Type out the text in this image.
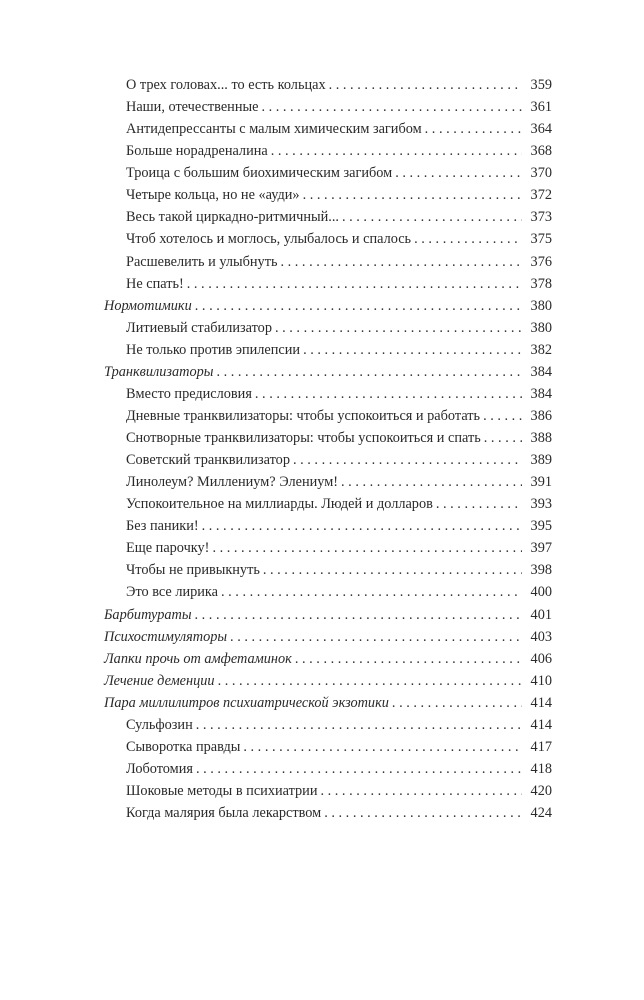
О трех головах... то есть кольцах . . .	359
Наши, отечественные . . .	361
Антидепрессанты с малым химическим загибом . . .	364
Больше норадреналина . . .	368
Троица с большим биохимическим загибом . . .	370
Четыре кольца, но не «ауди» . . .	372
Весь такой циркадно-ритмичный... . . .	373
Чтоб хотелось и моглось, улыбалось и спалось . . .	375
Расшевелить и улыбнуть . . .	376
Не спать! . . .	378
Нормотимики . . .	380
Литиевый стабилизатор . . .	380
Не только против эпилепсии . . .	382
Транквилизаторы . . .	384
Вместо предисловия . . .	384
Дневные транквилизаторы: чтобы успокоиться и работать . . .	386
Снотворные транквилизаторы: чтобы успокоиться и спать . . .	388
Советский транквилизатор . . .	389
Линолеум? Миллениум? Элениум! . . .	391
Успокоительное на миллиарды. Людей и долларов . . .	393
Без паники! . . .	395
Еще парочку! . . .	397
Чтобы не привыкнуть . . .	398
Это все лирика . . .	400
Барбитураты . . .	401
Психостимуляторы . . .	403
Лапки прочь от амфетаминок . . .	406
Лечение деменции . . .	410
Пара миллилитров психиатрической экзотики . . .	414
Сульфозин . . .	414
Сыворотка правды . . .	417
Лоботомия . . .	418
Шоковые методы в психиатрии . . .	420
Когда малярия была лекарством . . .	424
